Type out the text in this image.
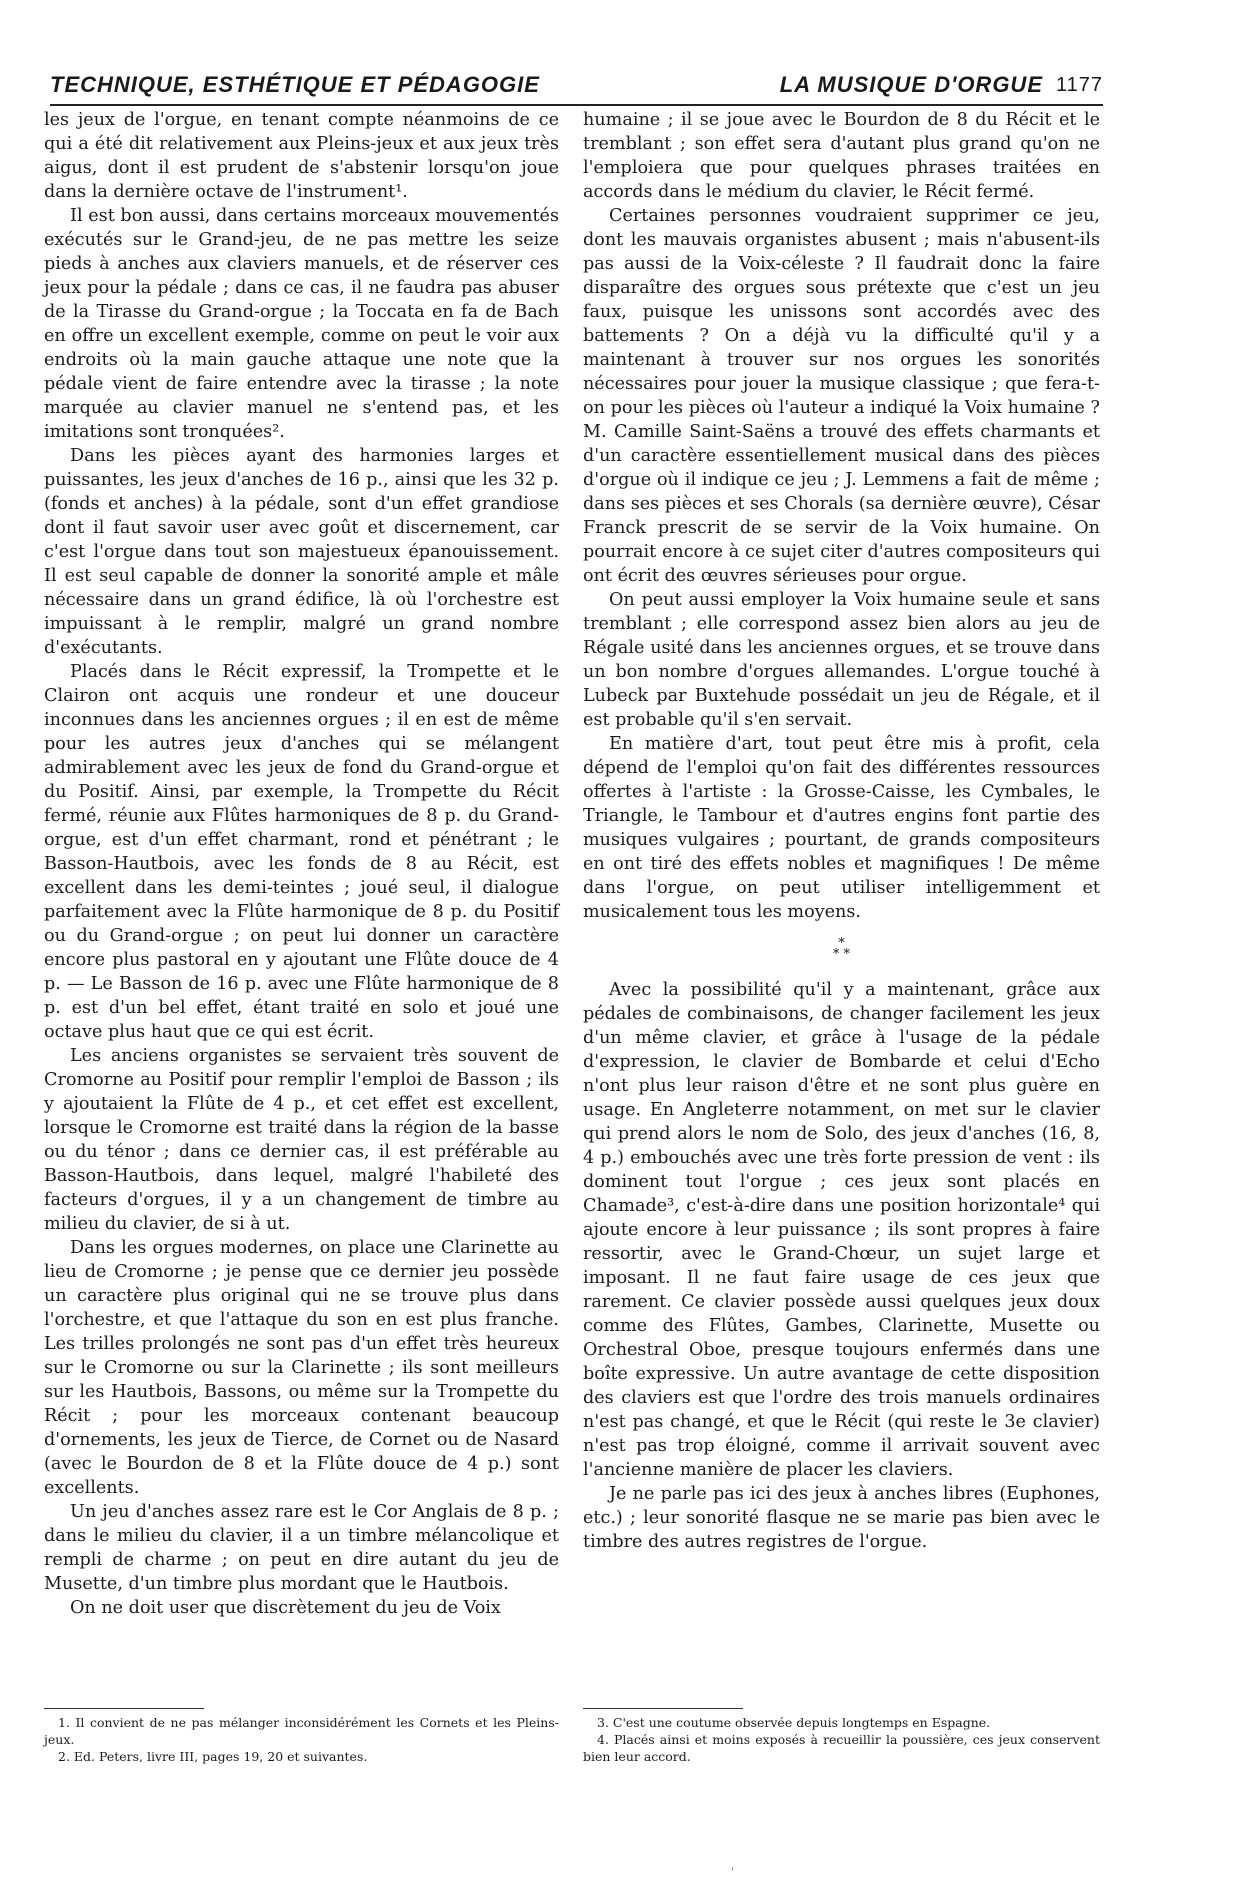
TECHNIQUE, ESTHÉTIQUE ET PÉDAGOGIE	LA MUSIQUE D'ORGUE 1177

les jeux de l'orgue, en tenant compte néanmoins de ce qui a été dit relativement aux Pleins-jeux et aux jeux très aigus, dont il est prudent de s'abstenir lorsqu'on joue dans la dernière octave de l'instrument¹.

Il est bon aussi, dans certains morceaux mouvementés exécutés sur le Grand-jeu, de ne pas mettre les seize pieds à anches aux claviers manuels, et de réserver ces jeux pour la pédale ; dans ce cas, il ne faudra pas abuser de la Tirasse du Grand-orgue ; la Toccata en fa de Bach en offre un excellent exemple, comme on peut le voir aux endroits où la main gauche attaque une note que la pédale vient de faire entendre avec la tirasse ; la note marquée au clavier manuel ne s'entend pas, et les imitations sont tronquées².

Dans les pièces ayant des harmonies larges et puissantes, les jeux d'anches de 16 p., ainsi que les 32 p. (fonds et anches) à la pédale, sont d'un effet grandiose dont il faut savoir user avec goût et discernement, car c'est l'orgue dans tout son majestueux épanouissement. Il est seul capable de donner la sonorité ample et mâle nécessaire dans un grand édifice, là où l'orchestre est impuissant à le remplir, malgré un grand nombre d'exécutants.

Placés dans le Récit expressif, la Trompette et le Clairon ont acquis une rondeur et une douceur inconnues dans les anciennes orgues ; il en est de même pour les autres jeux d'anches qui se mélangent admirablement avec les jeux de fond du Grand-orgue et du Positif. Ainsi, par exemple, la Trompette du Récit fermé, réunie aux Flûtes harmoniques de 8 p. du Grand-orgue, est d'un effet charmant, rond et pénétrant ; le Basson-Hautbois, avec les fonds de 8 au Récit, est excellent dans les demi-teintes ; joué seul, il dialogue parfaitement avec la Flûte harmonique de 8 p. du Positif ou du Grand-orgue ; on peut lui donner un caractère encore plus pastoral en y ajoutant une Flûte douce de 4 p. — Le Basson de 16 p. avec une Flûte harmonique de 8 p. est d'un bel effet, étant traité en solo et joué une octave plus haut que ce qui est écrit.

Les anciens organistes se servaient très souvent de Cromorne au Positif pour remplir l'emploi de Basson ; ils y ajoutaient la Flûte de 4 p., et cet effet est excellent, lorsque le Cromorne est traité dans la région de la basse ou du ténor ; dans ce dernier cas, il est préférable au Basson-Hautbois, dans lequel, malgré l'habileté des facteurs d'orgues, il y a un changement de timbre au milieu du clavier, de si à ut.

Dans les orgues modernes, on place une Clarinette au lieu de Cromorne ; je pense que ce dernier jeu possède un caractère plus original qui ne se trouve plus dans l'orchestre, et que l'attaque du son en est plus franche. Les trilles prolongés ne sont pas d'un effet très heureux sur le Cromorne ou sur la Clarinette ; ils sont meilleurs sur les Hautbois, Bassons, ou même sur la Trompette du Récit ; pour les morceaux contenant beaucoup d'ornements, les jeux de Tierce, de Cornet ou de Nasard (avec le Bourdon de 8 et la Flûte douce de 4 p.) sont excellents.

Un jeu d'anches assez rare est le Cor Anglais de 8 p. ; dans le milieu du clavier, il a un timbre mélancolique et rempli de charme ; on peut en dire autant du jeu de Musette, d'un timbre plus mordant que le Hautbois.

On ne doit user que discrètement du jeu de Voix

humaine ; il se joue avec le Bourdon de 8 du Récit et le tremblant ; son effet sera d'autant plus grand qu'on ne l'emploiera que pour quelques phrases traitées en accords dans le médium du clavier, le Récit fermé.

Certaines personnes voudraient supprimer ce jeu, dont les mauvais organistes abusent ; mais n'abusent-ils pas aussi de la Voix-céleste ? Il faudrait donc la faire disparaître des orgues sous prétexte que c'est un jeu faux, puisque les unissons sont accordés avec des battements ? On a déjà vu la difficulté qu'il y a maintenant à trouver sur nos orgues les sonorités nécessaires pour jouer la musique classique ; que fera-t-on pour les pièces où l'auteur a indiqué la Voix humaine ? M. Camille Saint-Saëns a trouvé des effets charmants et d'un caractère essentiellement musical dans des pièces d'orgue où il indique ce jeu ; J. Lemmens a fait de même ; dans ses pièces et ses Chorals (sa dernière œuvre), César Franck prescrit de se servir de la Voix humaine. On pourrait encore à ce sujet citer d'autres compositeurs qui ont écrit des œuvres sérieuses pour orgue.

On peut aussi employer la Voix humaine seule et sans tremblant ; elle correspond assez bien alors au jeu de Régale usité dans les anciennes orgues, et se trouve dans un bon nombre d'orgues allemandes. L'orgue touché à Lubeck par Buxtehude possédait un jeu de Régale, et il est probable qu'il s'en servait.

En matière d'art, tout peut être mis à profit, cela dépend de l'emploi qu'on fait des différentes ressources offertes à l'artiste : la Grosse-Caisse, les Cymbales, le Triangle, le Tambour et d'autres engins font partie des musiques vulgaires ; pourtant, de grands compositeurs en ont tiré des effets nobles et magnifiques ! De même dans l'orgue, on peut utiliser intelligemment et musicalement tous les moyens.

*
* *

Avec la possibilité qu'il y a maintenant, grâce aux pédales de combinaisons, de changer facilement les jeux d'un même clavier, et grâce à l'usage de la pédale d'expression, le clavier de Bombarde et celui d'Echo n'ont plus leur raison d'être et ne sont plus guère en usage. En Angleterre notamment, on met sur le clavier qui prend alors le nom de Solo, des jeux d'anches (16, 8, 4 p.) embouchés avec une très forte pression de vent : ils dominent tout l'orgue ; ces jeux sont placés en Chamade³, c'est-à-dire dans une position horizontale⁴ qui ajoute encore à leur puissance ; ils sont propres à faire ressortir, avec le Grand-Chœur, un sujet large et imposant. Il ne faut faire usage de ces jeux que rarement. Ce clavier possède aussi quelques jeux doux comme des Flûtes, Gambes, Clarinette, Musette ou Orchestral Oboe, presque toujours enfermés dans une boîte expressive. Un autre avantage de cette disposition des claviers est que l'ordre des trois manuels ordinaires n'est pas changé, et que le Récit (qui reste le 3e clavier) n'est pas trop éloigné, comme il arrivait souvent avec l'ancienne manière de placer les claviers.

Je ne parle pas ici des jeux à anches libres (Euphones, etc.) ; leur sonorité flasque ne se marie pas bien avec le timbre des autres registres de l'orgue.

1. Il convient de ne pas mélanger inconsidérément les Cornets et les Pleins-jeux.

2. Ed. Peters, livre III, pages 19, 20 et suivantes.

3. C'est une coutume observée depuis longtemps en Espagne.

4. Placés ainsi et moins exposés à recueillir la poussière, ces jeux conservent bien leur accord.

'
